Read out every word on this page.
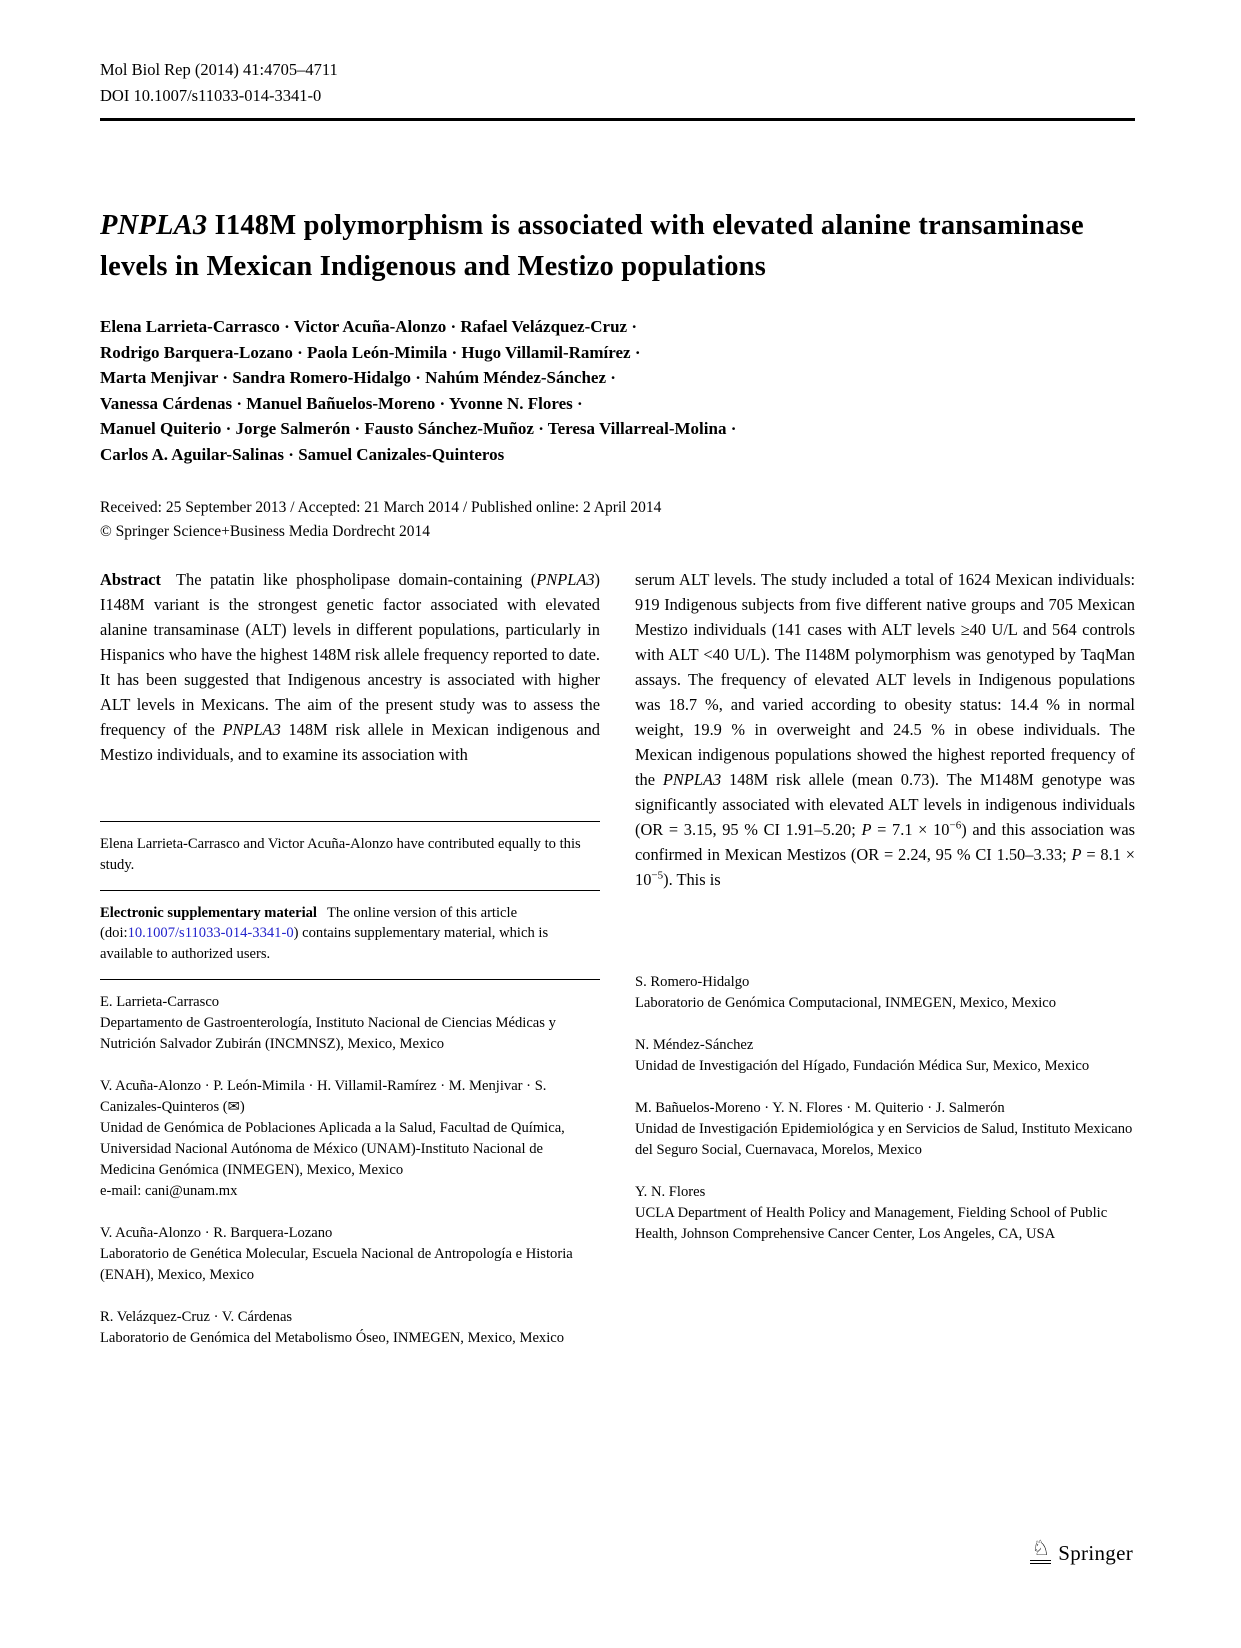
Mol Biol Rep (2014) 41:4705–4711
DOI 10.1007/s11033-014-3341-0
PNPLA3 I148M polymorphism is associated with elevated alanine transaminase levels in Mexican Indigenous and Mestizo populations
Elena Larrieta-Carrasco · Victor Acuña-Alonzo · Rafael Velázquez-Cruz ·
Rodrigo Barquera-Lozano · Paola León-Mimila · Hugo Villamil-Ramírez ·
Marta Menjivar · Sandra Romero-Hidalgo · Nahúm Méndez-Sánchez ·
Vanessa Cárdenas · Manuel Bañuelos-Moreno · Yvonne N. Flores ·
Manuel Quiterio · Jorge Salmerón · Fausto Sánchez-Muñoz · Teresa Villarreal-Molina ·
Carlos A. Aguilar-Salinas · Samuel Canizales-Quinteros
Received: 25 September 2013 / Accepted: 21 March 2014 / Published online: 2 April 2014
© Springer Science+Business Media Dordrecht 2014

Abstract The patatin like phospholipase domain-containing (PNPLA3) I148M variant is the strongest genetic factor associated with elevated alanine transaminase (ALT) levels in different populations, particularly in Hispanics who have the highest 148M risk allele frequency reported to date. It has been suggested that Indigenous ancestry is associated with higher ALT levels in Mexicans. The aim of the present study was to assess the frequency of the PNPLA3 148M risk allele in Mexican indigenous and Mestizo individuals, and to examine its association with

Elena Larrieta-Carrasco and Victor Acuña-Alonzo have contributed equally to this study.

Electronic supplementary material The online version of this article (doi:10.1007/s11033-014-3341-0) contains supplementary material, which is available to authorized users.

E. Larrieta-Carrasco
Departamento de Gastroenterología, Instituto Nacional de Ciencias Médicas y Nutrición Salvador Zubirán (INCMNSZ), Mexico, Mexico
V. Acuña-Alonzo · P. León-Mimila · H. Villamil-Ramírez · M. Menjivar · S. Canizales-Quinteros (✉)
Unidad de Genómica de Poblaciones Aplicada a la Salud, Facultad de Química, Universidad Nacional Autónoma de México (UNAM)-Instituto Nacional de Medicina Genómica (INMEGEN), Mexico, Mexico
e-mail: cani@unam.mx
V. Acuña-Alonzo · R. Barquera-Lozano
Laboratorio de Genética Molecular, Escuela Nacional de Antropología e Historia (ENAH), Mexico, Mexico
R. Velázquez-Cruz · V. Cárdenas
Laboratorio de Genómica del Metabolismo Óseo, INMEGEN, Mexico, Mexico

serum ALT levels. The study included a total of 1624 Mexican individuals: 919 Indigenous subjects from five different native groups and 705 Mexican Mestizo individuals (141 cases with ALT levels ≥40 U/L and 564 controls with ALT <40 U/L). The I148M polymorphism was genotyped by TaqMan assays. The frequency of elevated ALT levels in Indigenous populations was 18.7 %, and varied according to obesity status: 14.4 % in normal weight, 19.9 % in overweight and 24.5 % in obese individuals. The Mexican indigenous populations showed the highest reported frequency of the PNPLA3 148M risk allele (mean 0.73). The M148M genotype was significantly associated with elevated ALT levels in indigenous individuals (OR = 3.15, 95 % CI 1.91–5.20; $P = 7.1 \times 10^{-6}$) and this association was confirmed in Mexican Mestizos (OR = 2.24, 95 % CI 1.50–3.33; $P = 8.1 \times 10^{-5}$). This is

S. Romero-Hidalgo
Laboratorio de Genómica Computacional, INMEGEN, Mexico, Mexico
N. Méndez-Sánchez
Unidad de Investigación del Hígado, Fundación Médica Sur, Mexico, Mexico
M. Bañuelos-Moreno · Y. N. Flores · M. Quiterio · J. Salmerón
Unidad de Investigación Epidemiológica y en Servicios de Salud, Instituto Mexicano del Seguro Social, Cuernavaca, Morelos, Mexico
Y. N. Flores
UCLA Department of Health Policy and Management, Fielding School of Public Health, Johnson Comprehensive Cancer Center, Los Angeles, CA, USA
♘ Springer
